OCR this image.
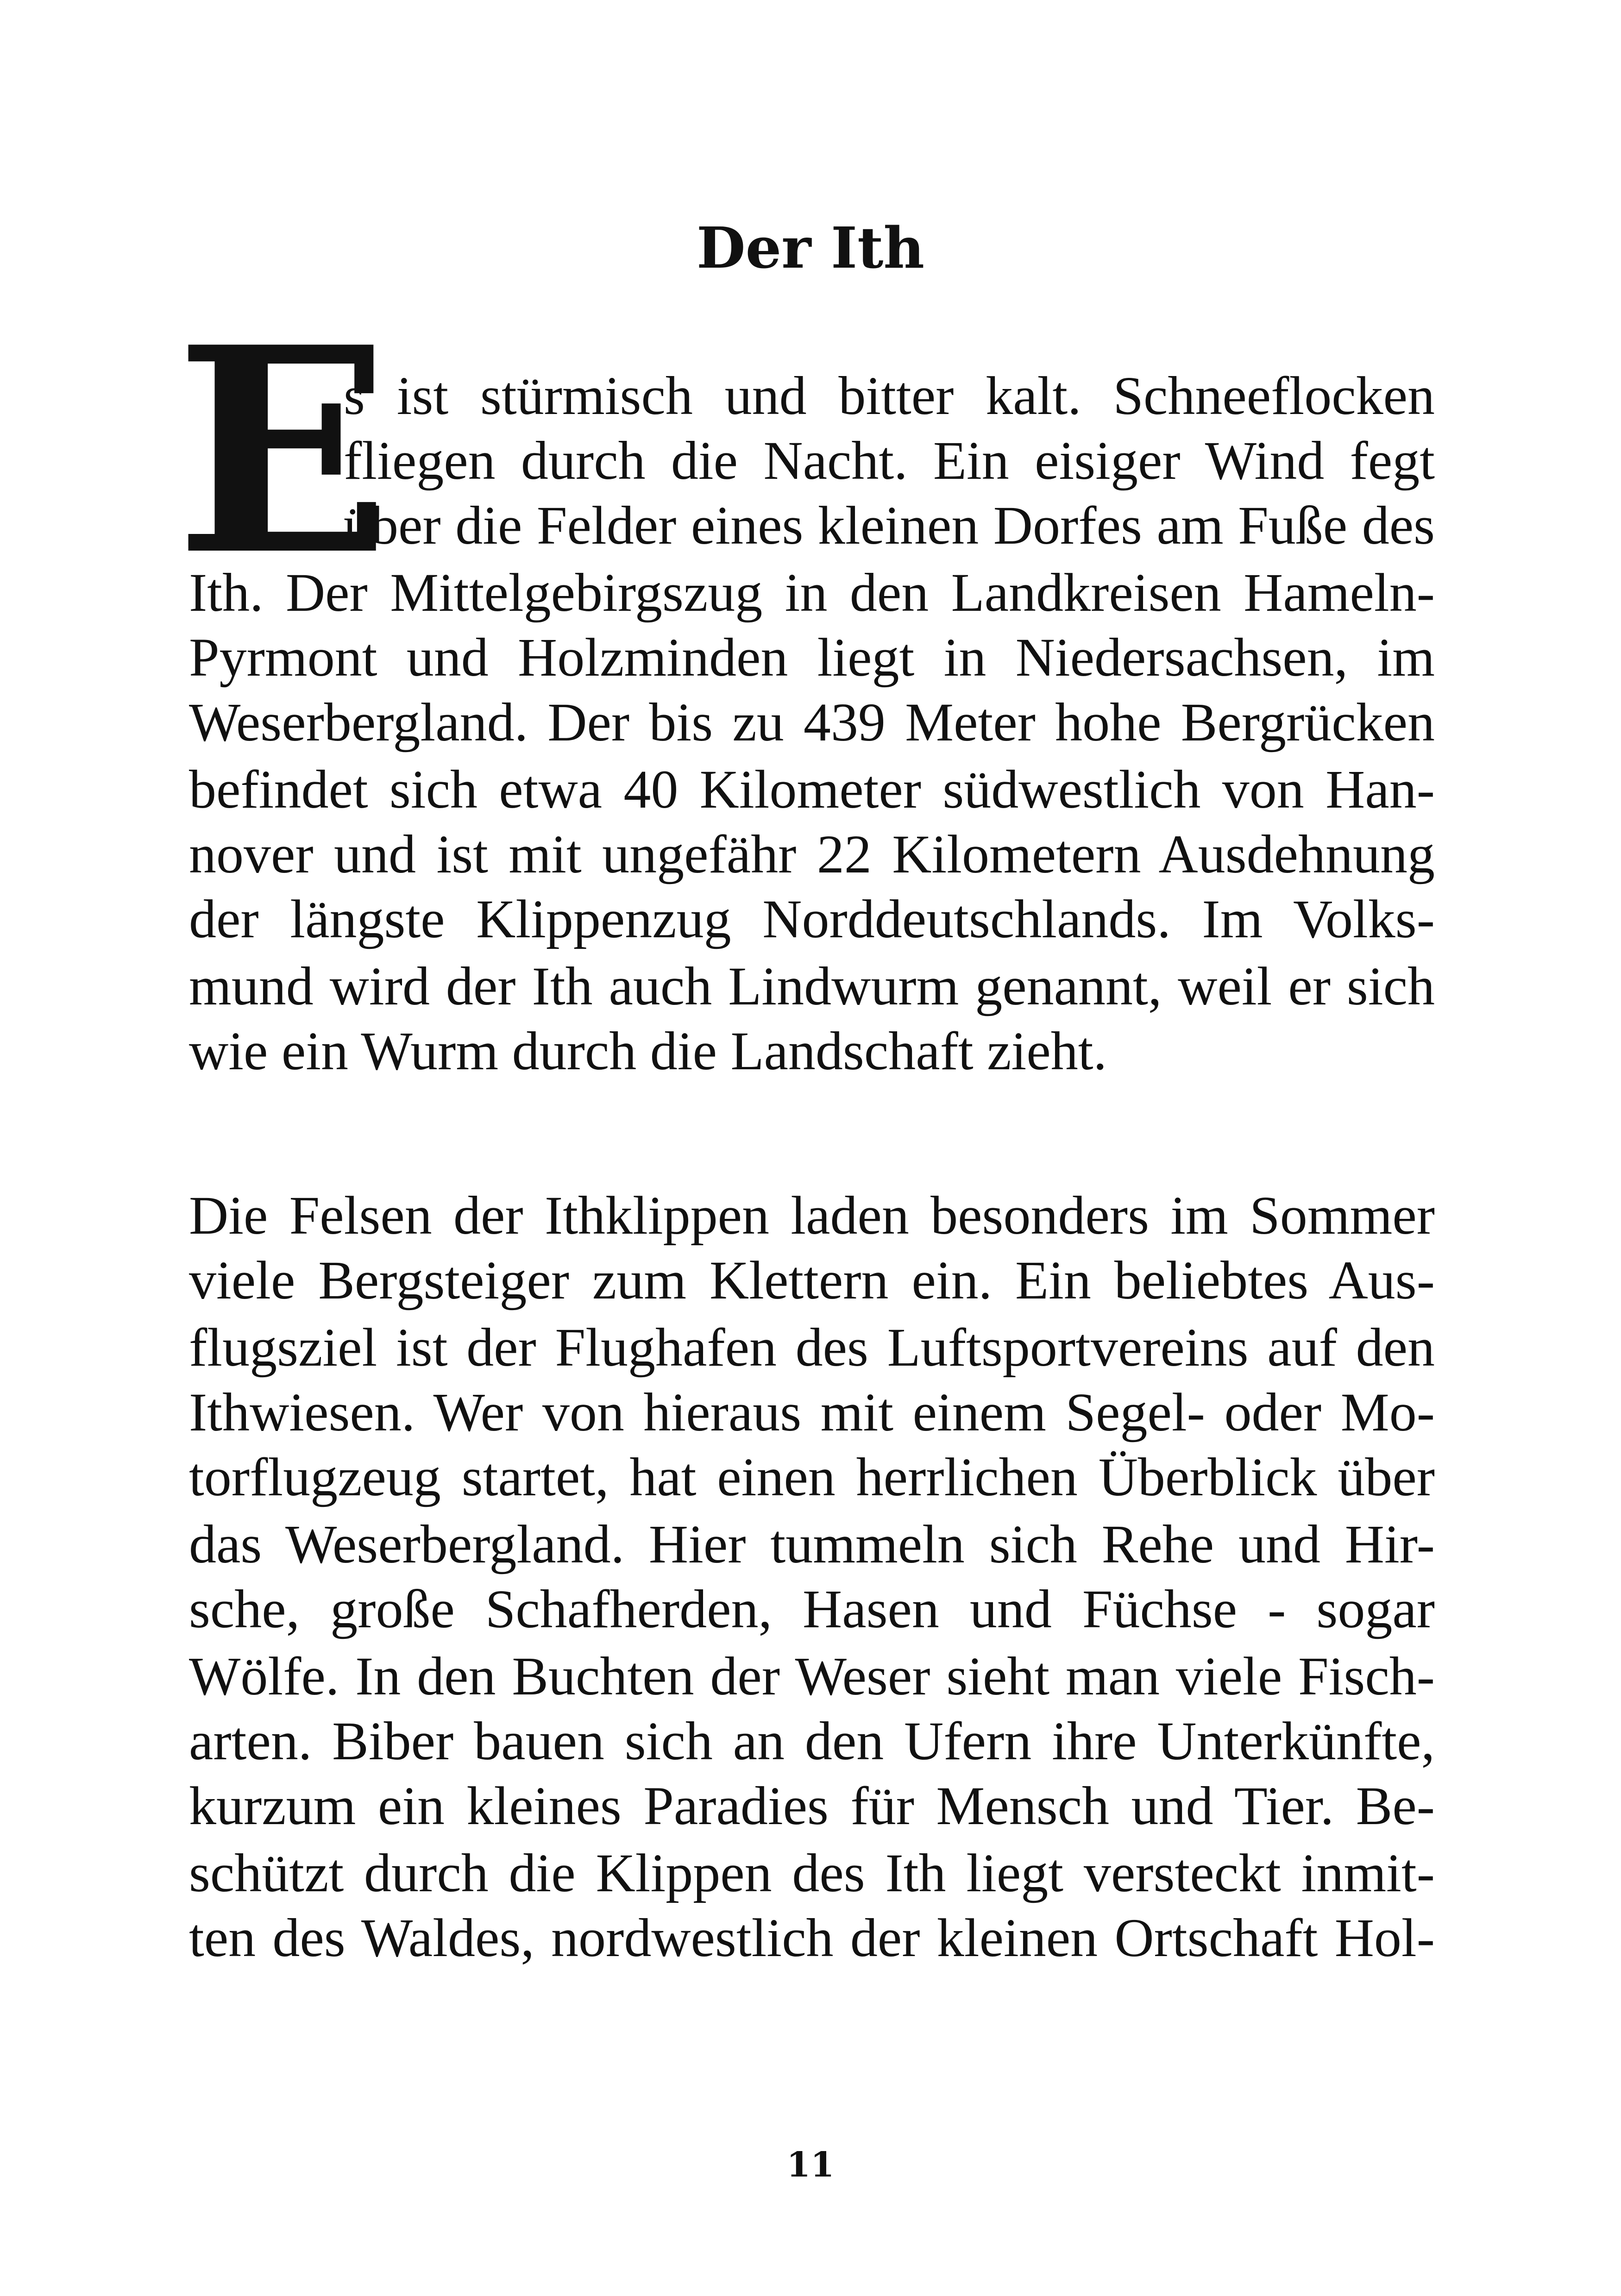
Der Ith
E
s ist stürmisch und bitter kalt. Schneeflocken
fliegen durch die Nacht. Ein eisiger Wind fegt
über die Felder eines kleinen Dorfes am Fuße des
Ith. Der Mittelgebirgszug in den Landkreisen Hameln-
Pyrmont und Holzminden liegt in Niedersachsen, im
Weserbergland. Der bis zu 439 Meter hohe Bergrücken
befindet sich etwa 40 Kilometer südwestlich von Han-
nover und ist mit ungefähr 22 Kilometern Ausdehnung
der längste Klippenzug Norddeutschlands. Im Volks-
mund wird der Ith auch Lindwurm genannt, weil er sich
wie ein Wurm durch die Landschaft zieht.
Die Felsen der Ithklippen laden besonders im Sommer
viele Bergsteiger zum Klettern ein. Ein beliebtes Aus-
flugsziel ist der Flughafen des Luftsportvereins auf den
Ithwiesen. Wer von hieraus mit einem Segel- oder Mo-
torflugzeug startet, hat einen herrlichen Überblick über
das Weserbergland. Hier tummeln sich Rehe und Hir-
sche, große Schafherden, Hasen und Füchse - sogar
Wölfe. In den Buchten der Weser sieht man viele Fisch-
arten. Biber bauen sich an den Ufern ihre Unterkünfte,
kurzum ein kleines Paradies für Mensch und Tier. Be-
schützt durch die Klippen des Ith liegt versteckt inmit-
ten des Waldes, nordwestlich der kleinen Ortschaft Hol-
11
